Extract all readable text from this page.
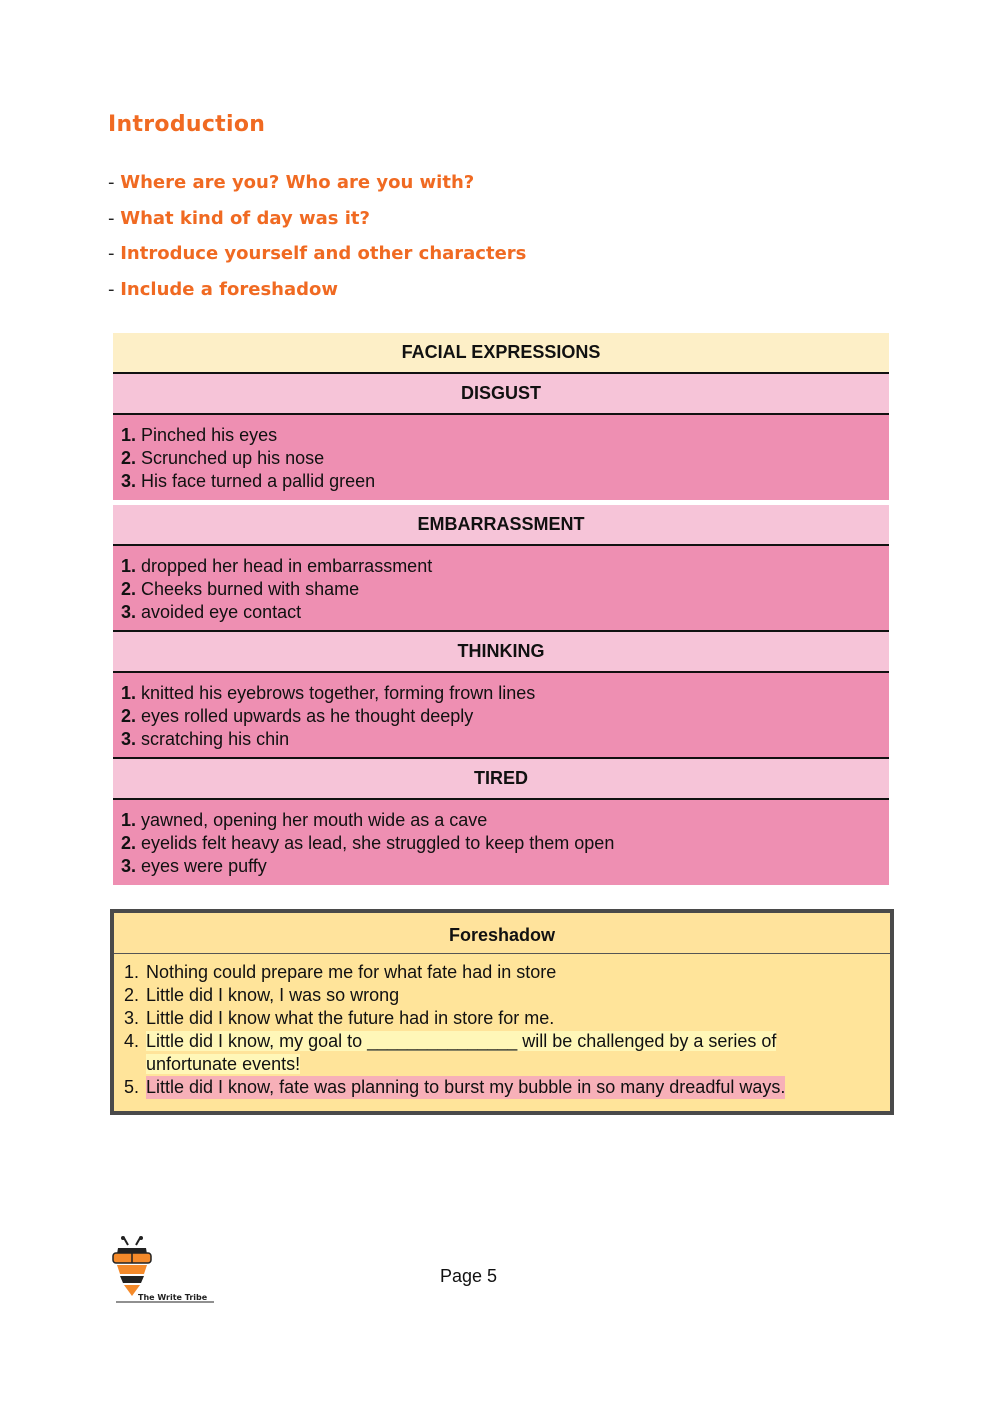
Introduction
- Where are you? Who are you with?
- What kind of day was it?
- Introduce yourself and other characters
- Include a foreshadow
FACIAL EXPRESSIONS
DISGUST
1. Pinched his eyes
2. Scrunched up his nose
3. His face turned a pallid green
EMBARRASSMENT
1. dropped her head in embarrassment
2. Cheeks burned with shame
3. avoided eye contact
THINKING
1. knitted his eyebrows together, forming frown lines
2. eyes rolled upwards as he thought deeply
3. scratching his chin
TIRED
1. yawned, opening her mouth wide as a cave
2. eyelids felt heavy as lead, she struggled to keep them open
3. eyes were puffy
Foreshadow
1. Nothing could prepare me for what fate had in store
2. Little did I know, I was so wrong
3. Little did I know what the future had in store for me.
4. Little did I know, my goal to _______________ will be challenged by a series of
unfortunate events!
5. Little did I know, fate was planning to burst my bubble in so many dreadful ways.
The Write Tribe
Page 5
